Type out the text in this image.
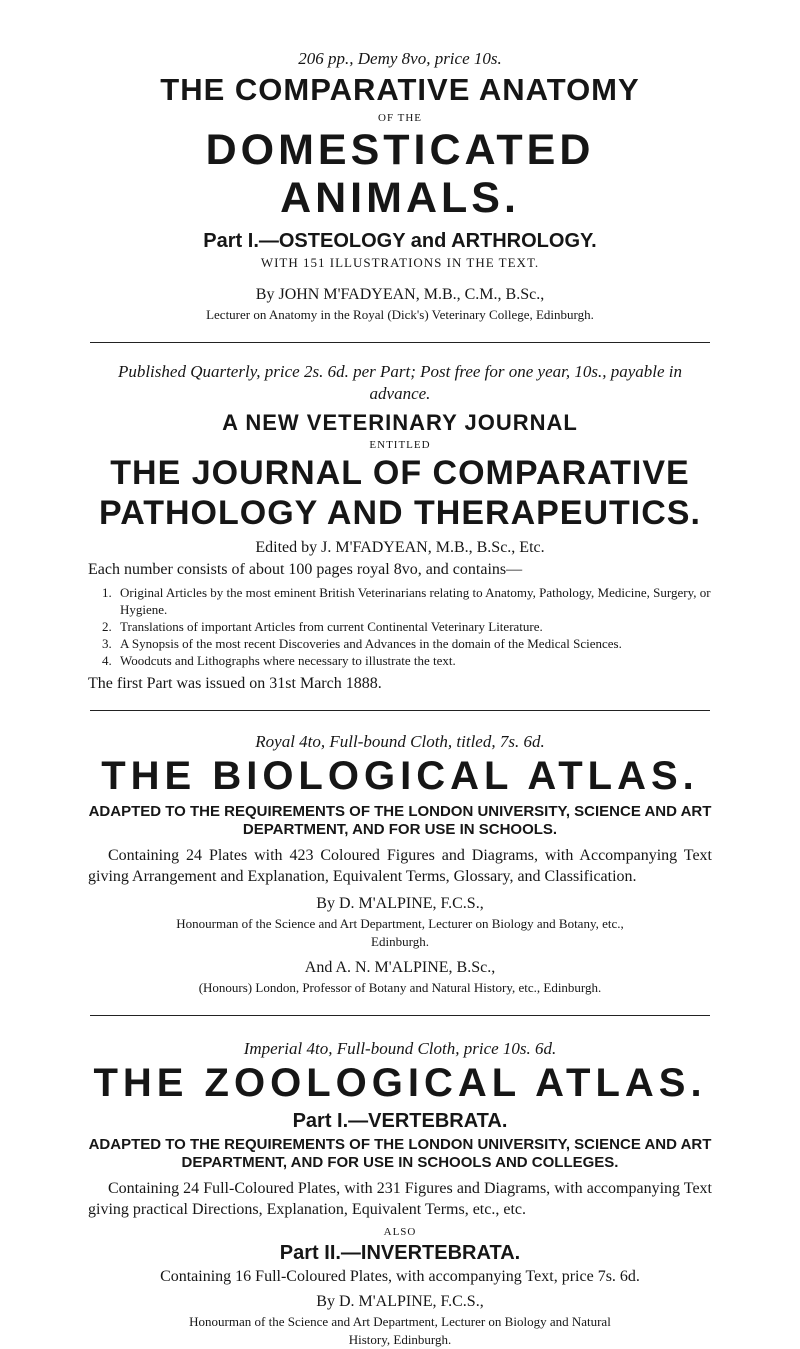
206 pp., Demy 8vo, price 10s.

THE COMPARATIVE ANATOMY

OF THE

DOMESTICATED ANIMALS.

Part I.—OSTEOLOGY and ARTHROLOGY.

WITH 151 ILLUSTRATIONS IN THE TEXT.

By JOHN M'FADYEAN, M.B., C.M., B.Sc.,

Lecturer on Anatomy in the Royal (Dick's) Veterinary College, Edinburgh.

Published Quarterly, price 2s. 6d. per Part; Post free for one year, 10s., payable in advance.

A NEW VETERINARY JOURNAL

ENTITLED

THE JOURNAL OF COMPARATIVE

PATHOLOGY AND THERAPEUTICS.

Edited by J. M'FADYEAN, M.B., B.Sc., Etc.

Each number consists of about 100 pages royal 8vo, and contains—

1. Original Articles by the most eminent British Veterinarians relating to Anatomy, Pathology, Medicine, Surgery, or Hygiene.
2. Translations of important Articles from current Continental Veterinary Literature.
3. A Synopsis of the most recent Discoveries and Advances in the domain of the Medical Sciences.
4. Woodcuts and Lithographs where necessary to illustrate the text.

The first Part was issued on 31st March 1888.

Royal 4to, Full-bound Cloth, titled, 7s. 6d.

THE BIOLOGICAL ATLAS.

ADAPTED TO THE REQUIREMENTS OF THE LONDON UNIVERSITY, SCIENCE AND ART DEPARTMENT, AND FOR USE IN SCHOOLS.

Containing 24 Plates with 423 Coloured Figures and Diagrams, with Accompanying Text giving Arrangement and Explanation, Equivalent Terms, Glossary, and Classification.

By D. M'ALPINE, F.C.S.,

Honourman of the Science and Art Department, Lecturer on Biology and Botany, etc., Edinburgh.

And A. N. M'ALPINE, B.Sc.,

(Honours) London, Professor of Botany and Natural History, etc., Edinburgh.

Imperial 4to, Full-bound Cloth, price 10s. 6d.

THE ZOOLOGICAL ATLAS.

Part I.—VERTEBRATA.

ADAPTED TO THE REQUIREMENTS OF THE LONDON UNIVERSITY, SCIENCE AND ART DEPARTMENT, AND FOR USE IN SCHOOLS AND COLLEGES.

Containing 24 Full-Coloured Plates, with 231 Figures and Diagrams, with accompanying Text giving practical Directions, Explanation, Equivalent Terms, etc., etc.

ALSO

Part II.—INVERTEBRATA.

Containing 16 Full-Coloured Plates, with accompanying Text, price 7s. 6d.

By D. M'ALPINE, F.C.S.,

Honourman of the Science and Art Department, Lecturer on Biology and Natural History, Edinburgh.
